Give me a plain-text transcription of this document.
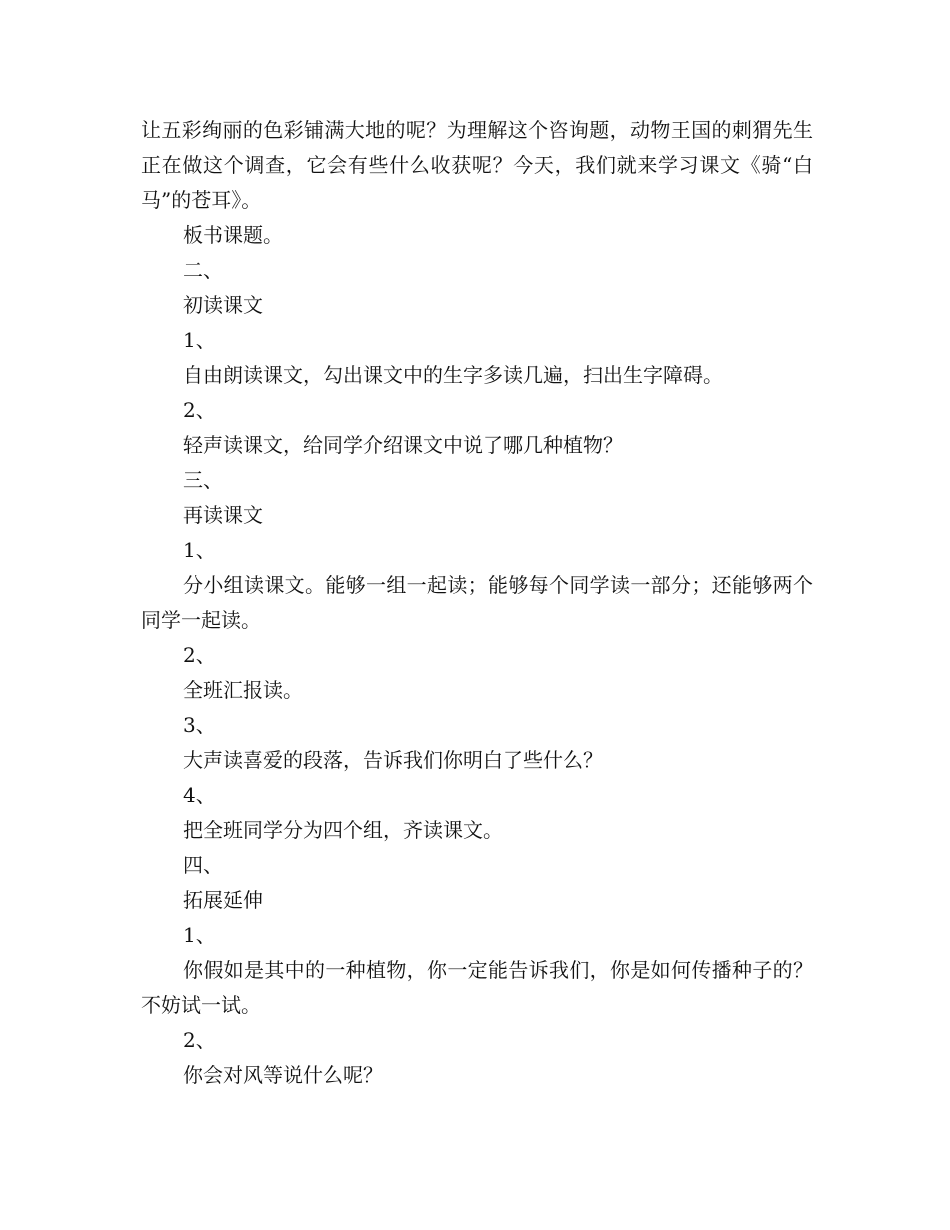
让五彩绚丽的色彩铺满大地的呢？为理解这个咨询题，动物王国的刺猬先生正在做这个调查，它会有些什么收获呢？今天，我们就来学习课文《骑“白马”的苍耳》。

板书课题。

二、

初读课文

1、

自由朗读课文，勾出课文中的生字多读几遍，扫出生字障碍。

2、

轻声读课文，给同学介绍课文中说了哪几种植物？

三、

再读课文

1、

分小组读课文。能够一组一起读；能够每个同学读一部分；还能够两个同学一起读。

2、

全班汇报读。

3、

大声读喜爱的段落，告诉我们你明白了些什么？

4、

把全班同学分为四个组，齐读课文。

四、

拓展延伸

1、

你假如是其中的一种植物，你一定能告诉我们，你是如何传播种子的？不妨试一试。

2、

你会对风等说什么呢？
